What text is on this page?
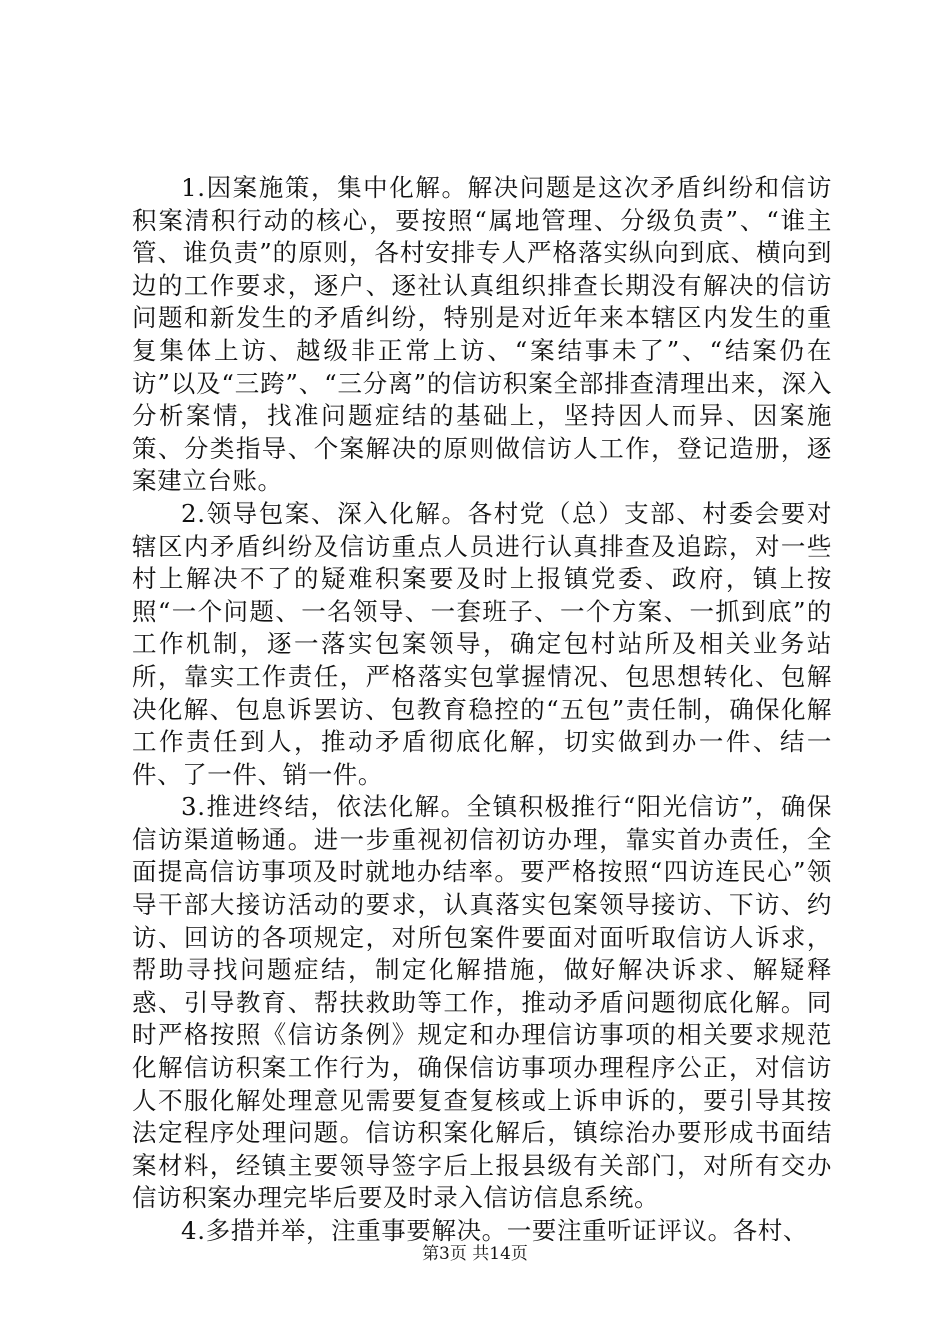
1.因案施策，集中化解。解决问题是这次矛盾纠纷和信访积案清积行动的核心，要按照“属地管理、分级负责”、“谁主管、谁负责”的原则，各村安排专人严格落实纵向到底、横向到边的工作要求，逐户、逐社认真组织排查长期没有解决的信访问题和新发生的矛盾纠纷，特别是对近年来本辖区内发生的重复集体上访、越级非正常上访、“案结事未了”、“结案仍在访”以及“三跨”、“三分离”的信访积案全部排查清理出来，深入分析案情，找准问题症结的基础上，坚持因人而异、因案施策、分类指导、个案解决的原则做信访人工作，登记造册，逐案建立台账。

2.领导包案、深入化解。各村党（总）支部、村委会要对辖区内矛盾纠纷及信访重点人员进行认真排查及追踪，对一些村上解决不了的疑难积案要及时上报镇党委、政府，镇上按照“一个问题、一名领导、一套班子、一个方案、一抓到底”的工作机制，逐一落实包案领导，确定包村站所及相关业务站所，靠实工作责任，严格落实包掌握情况、包思想转化、包解决化解、包息诉罢访、包教育稳控的“五包”责任制，确保化解工作责任到人，推动矛盾彻底化解，切实做到办一件、结一件、了一件、销一件。

3.推进终结，依法化解。全镇积极推行“阳光信访”，确保信访渠道畅通。进一步重视初信初访办理，靠实首办责任，全面提高信访事项及时就地办结率。要严格按照“四访连民心”领导干部大接访活动的要求，认真落实包案领导接访、下访、约访、回访的各项规定，对所包案件要面对面听取信访人诉求，帮助寻找问题症结，制定化解措施，做好解决诉求、解疑释惑、引导教育、帮扶救助等工作，推动矛盾问题彻底化解。同时严格按照《信访条例》规定和办理信访事项的相关要求规范化解信访积案工作行为，确保信访事项办理程序公正，对信访人不服化解处理意见需要复查复核或上诉申诉的，要引导其按法定程序处理问题。信访积案化解后，镇综治办要形成书面结案材料，经镇主要领导签字后上报县级有关部门，对所有交办信访积案办理完毕后要及时录入信访信息系统。

4.多措并举，注重事要解决。一要注重听证评议。各村、

第3页 共14页
